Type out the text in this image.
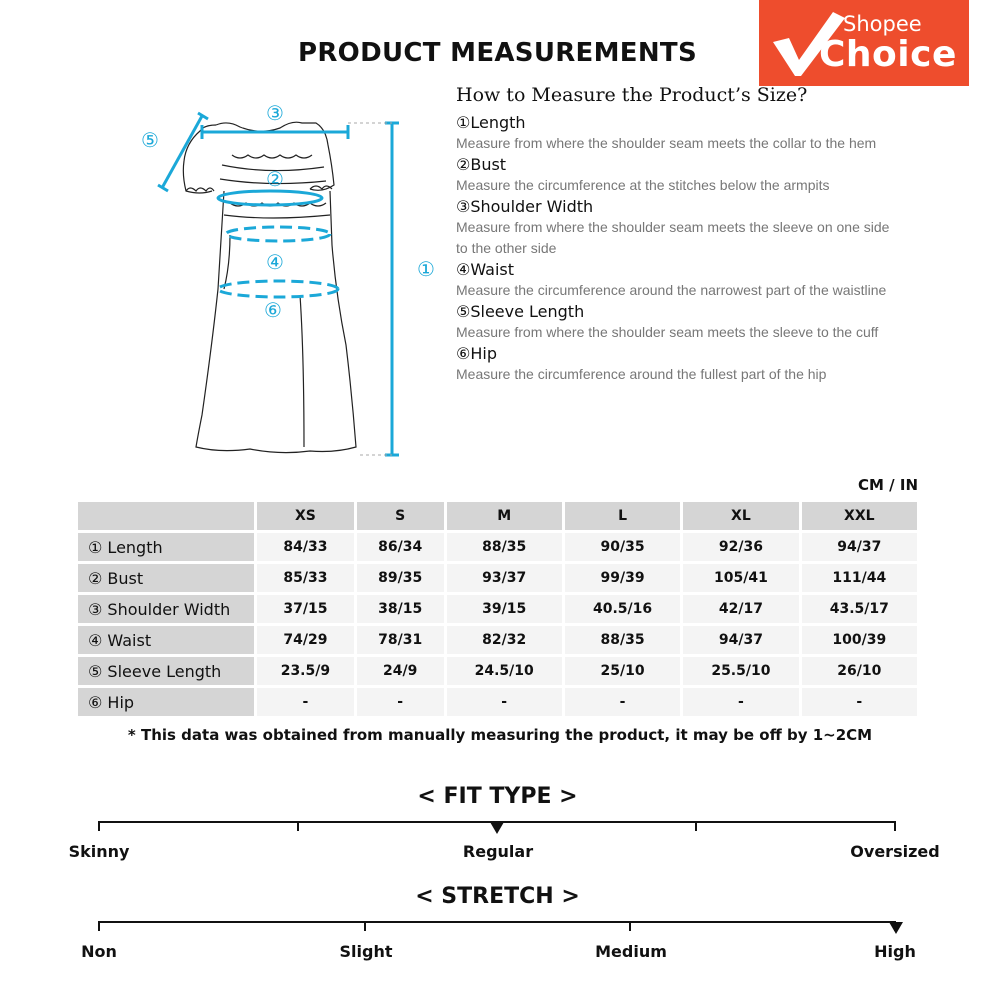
PRODUCT MEASUREMENTS
Shopee
Choice
③
⑤
②
④
⑥
①
How to Measure the Product’s Size?
①Length
Measure from where the shoulder seam meets the collar to the hem
②Bust
Measure the circumference at the stitches below the armpits
③Shoulder Width
Measure from where the shoulder seam meets the sleeve on one side to the other side
④Waist
Measure the circumference around the narrowest part of the waistline
⑤Sleeve Length
Measure from where the shoulder seam meets the sleeve to the cuff
⑥Hip
Measure the circumference around the fullest part of the hip
CM / IN
	XS	S	M	L	XL	XXL
① Length	84/33	86/34	88/35	90/35	92/36	94/37
② Bust	85/33	89/35	93/37	99/39	105/41	111/44
③ Shoulder Width	37/15	38/15	39/15	40.5/16	42/17	43.5/17
④ Waist	74/29	78/31	82/32	88/35	94/37	100/39
⑤ Sleeve Length	23.5/9	24/9	24.5/10	25/10	25.5/10	26/10
⑥ Hip	-	-	-	-	-	-
* This data was obtained from manually measuring the product, it may be off by 1~2CM
< FIT TYPE >
Skinny	Regular	Oversized
< STRETCH >
Non	Slight	Medium	High
